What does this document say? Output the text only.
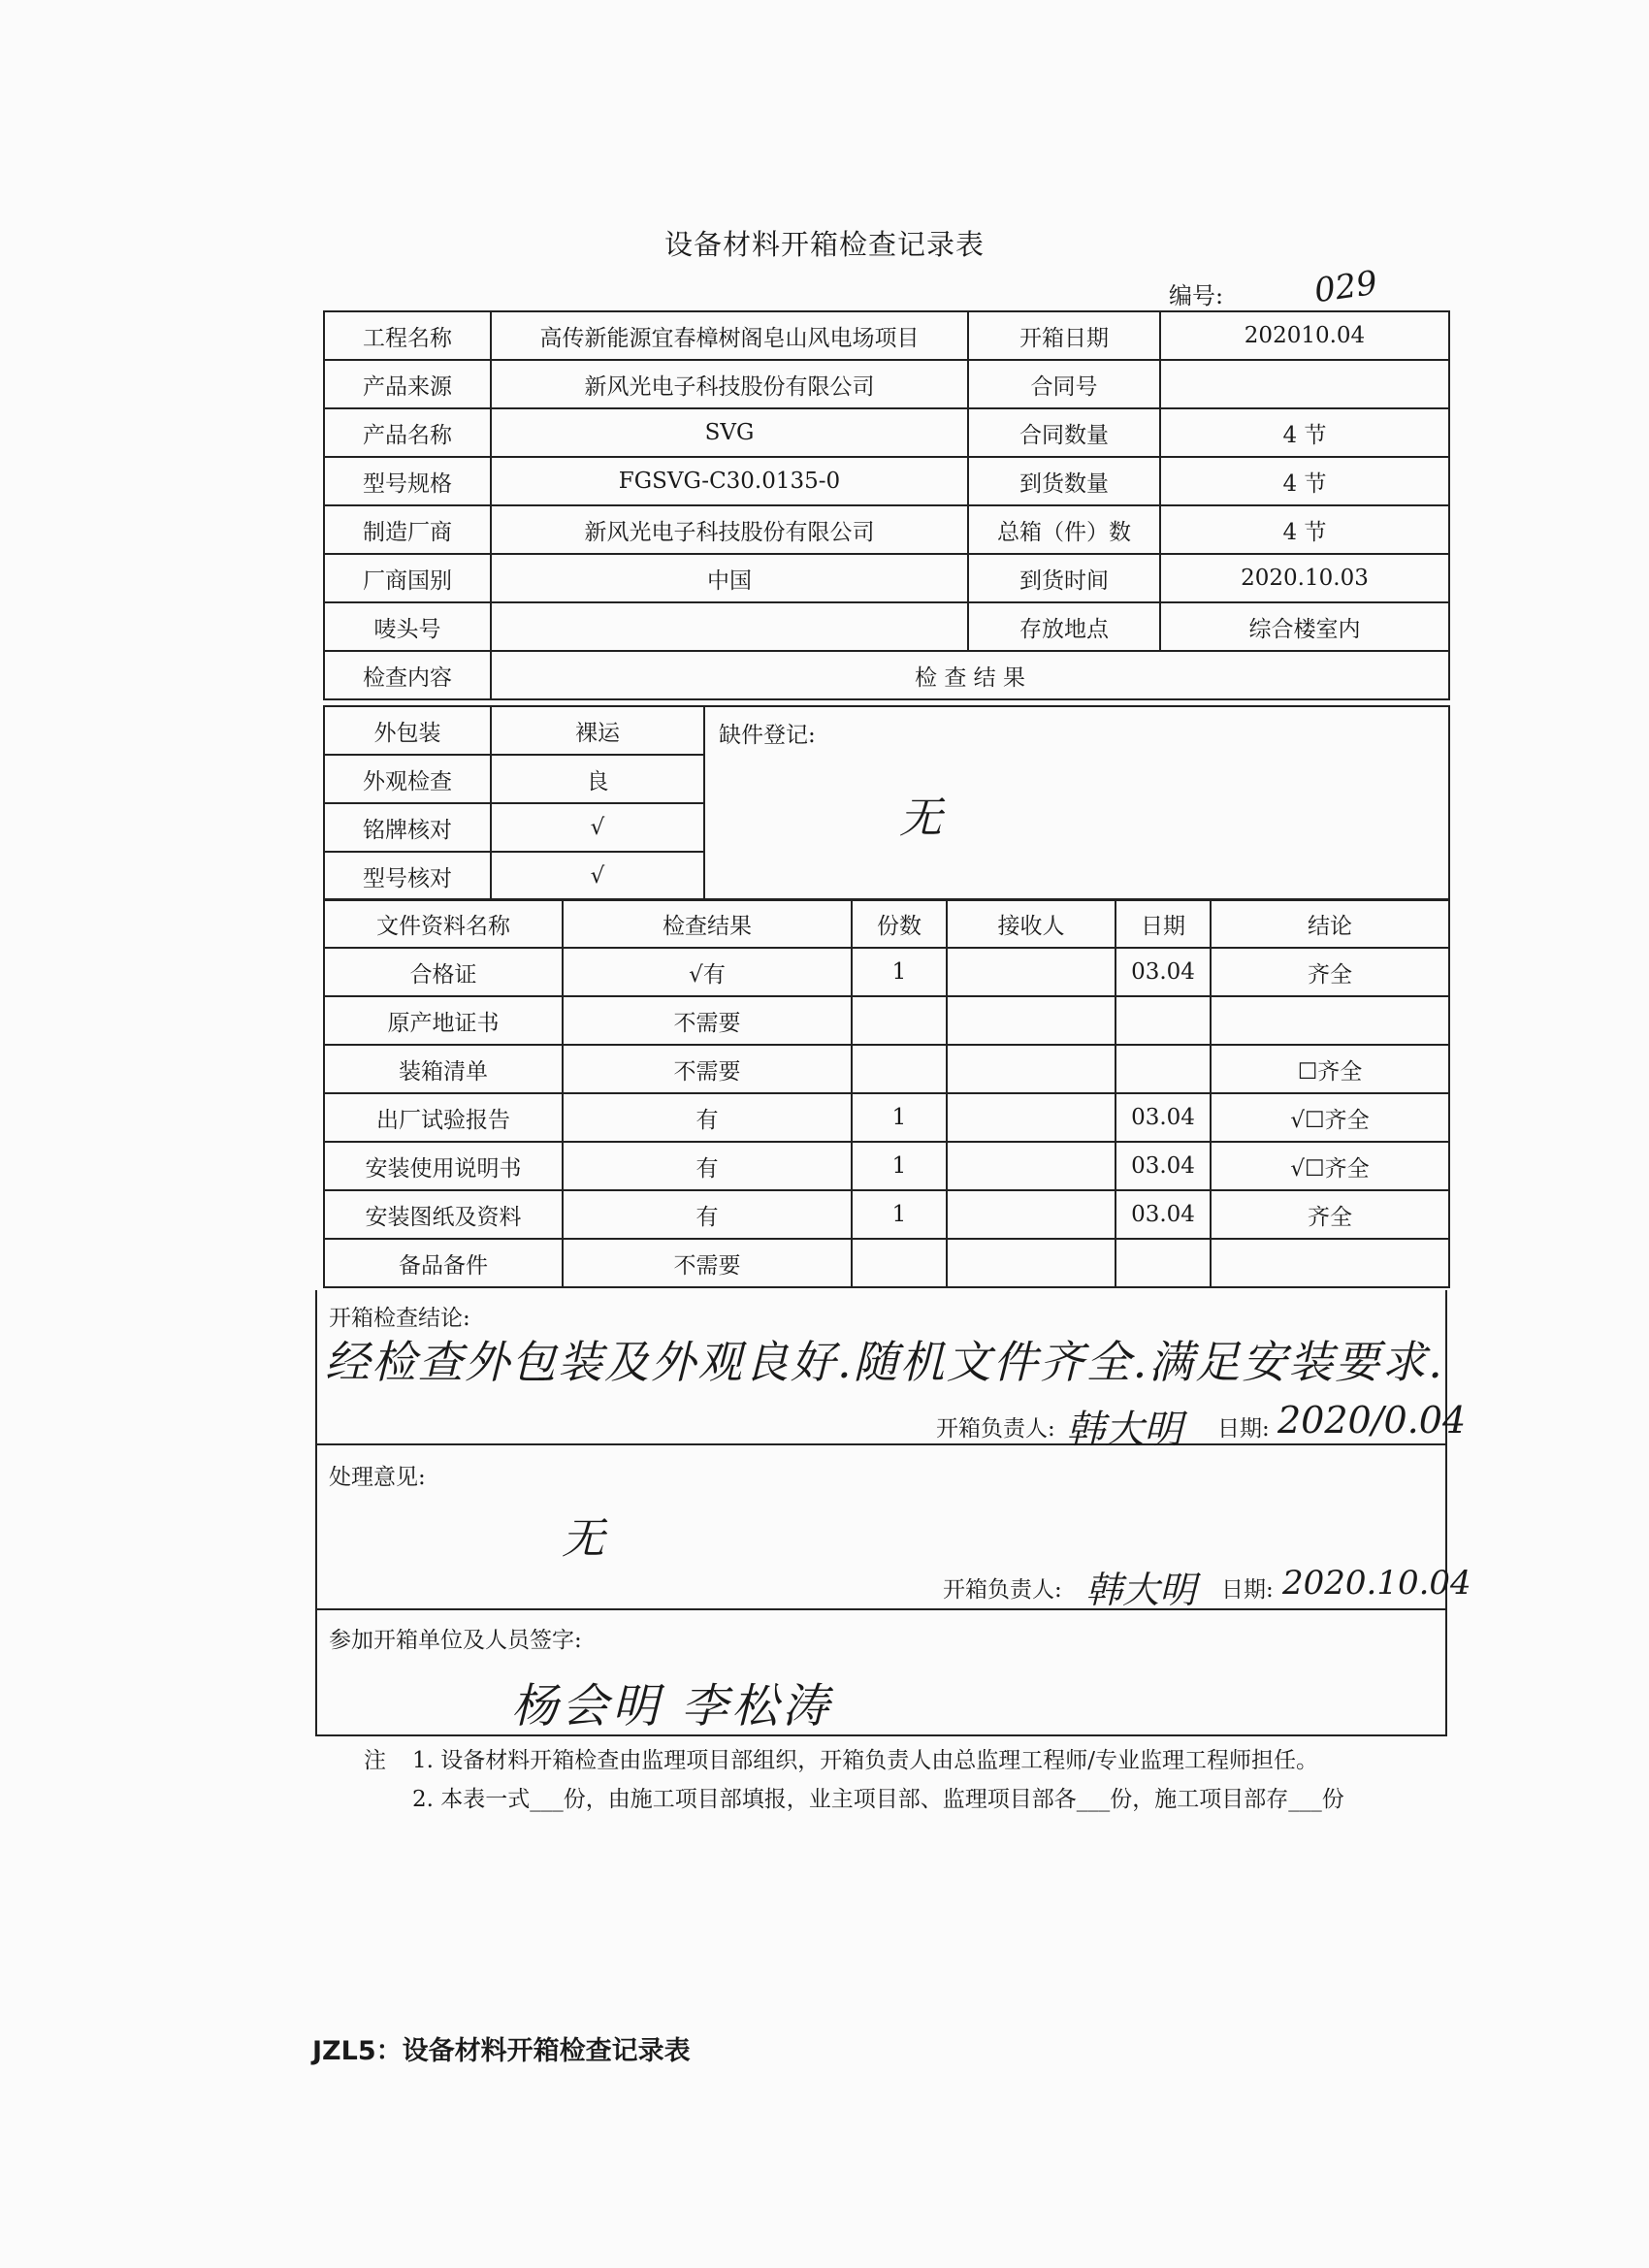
设备材料开箱检查记录表
编号:	029
工程名称	高传新能源宜春樟树阁皂山风电场项目	开箱日期	202010.04
产品来源	新风光电子科技股份有限公司	合同号	
产品名称	SVG	合同数量	4 节
型号规格	FGSVG-C30.0135-0	到货数量	4 节
制造厂商	新风光电子科技股份有限公司	总箱（件）数	4 节
厂商国别	中国	到货时间	2020.10.03
唛头号		存放地点	综合楼室内
检查内容	检 查 结 果		
外包装	裸运	缺件登记:
无

外观检查	良	
铭牌核对	√	
型号核对	√	
文件资料名称	检查结果	份数	接收人	日期	结论
合格证	√有	1		03.04	齐全
原产地证书	不需要				
装箱清单	不需要				☐齐全
出厂试验报告	有	1		03.04	√☐齐全
安装使用说明书	有	1		03.04	√☐齐全
安装图纸及资料	有	1		03.04	齐全
备品备件	不需要				
开箱检查结论:
经检查外包装及外观良好.随机文件齐全.满足安装要求.
开箱负责人: 韩大明 日期: 2020/0.04
处理意见:
无
开箱负责人: 韩大明 日期: 2020.10.04
参加开箱单位及人员签字:
杨会明 李松涛
注 1. 设备材料开箱检查由监理项目部组织，开箱负责人由总监理工程师/专业监理工程师担任。
2. 本表一式___份，由施工项目部填报，业主项目部、监理项目部各___份，施工项目部存___份
JZL5：设备材料开箱检查记录表
